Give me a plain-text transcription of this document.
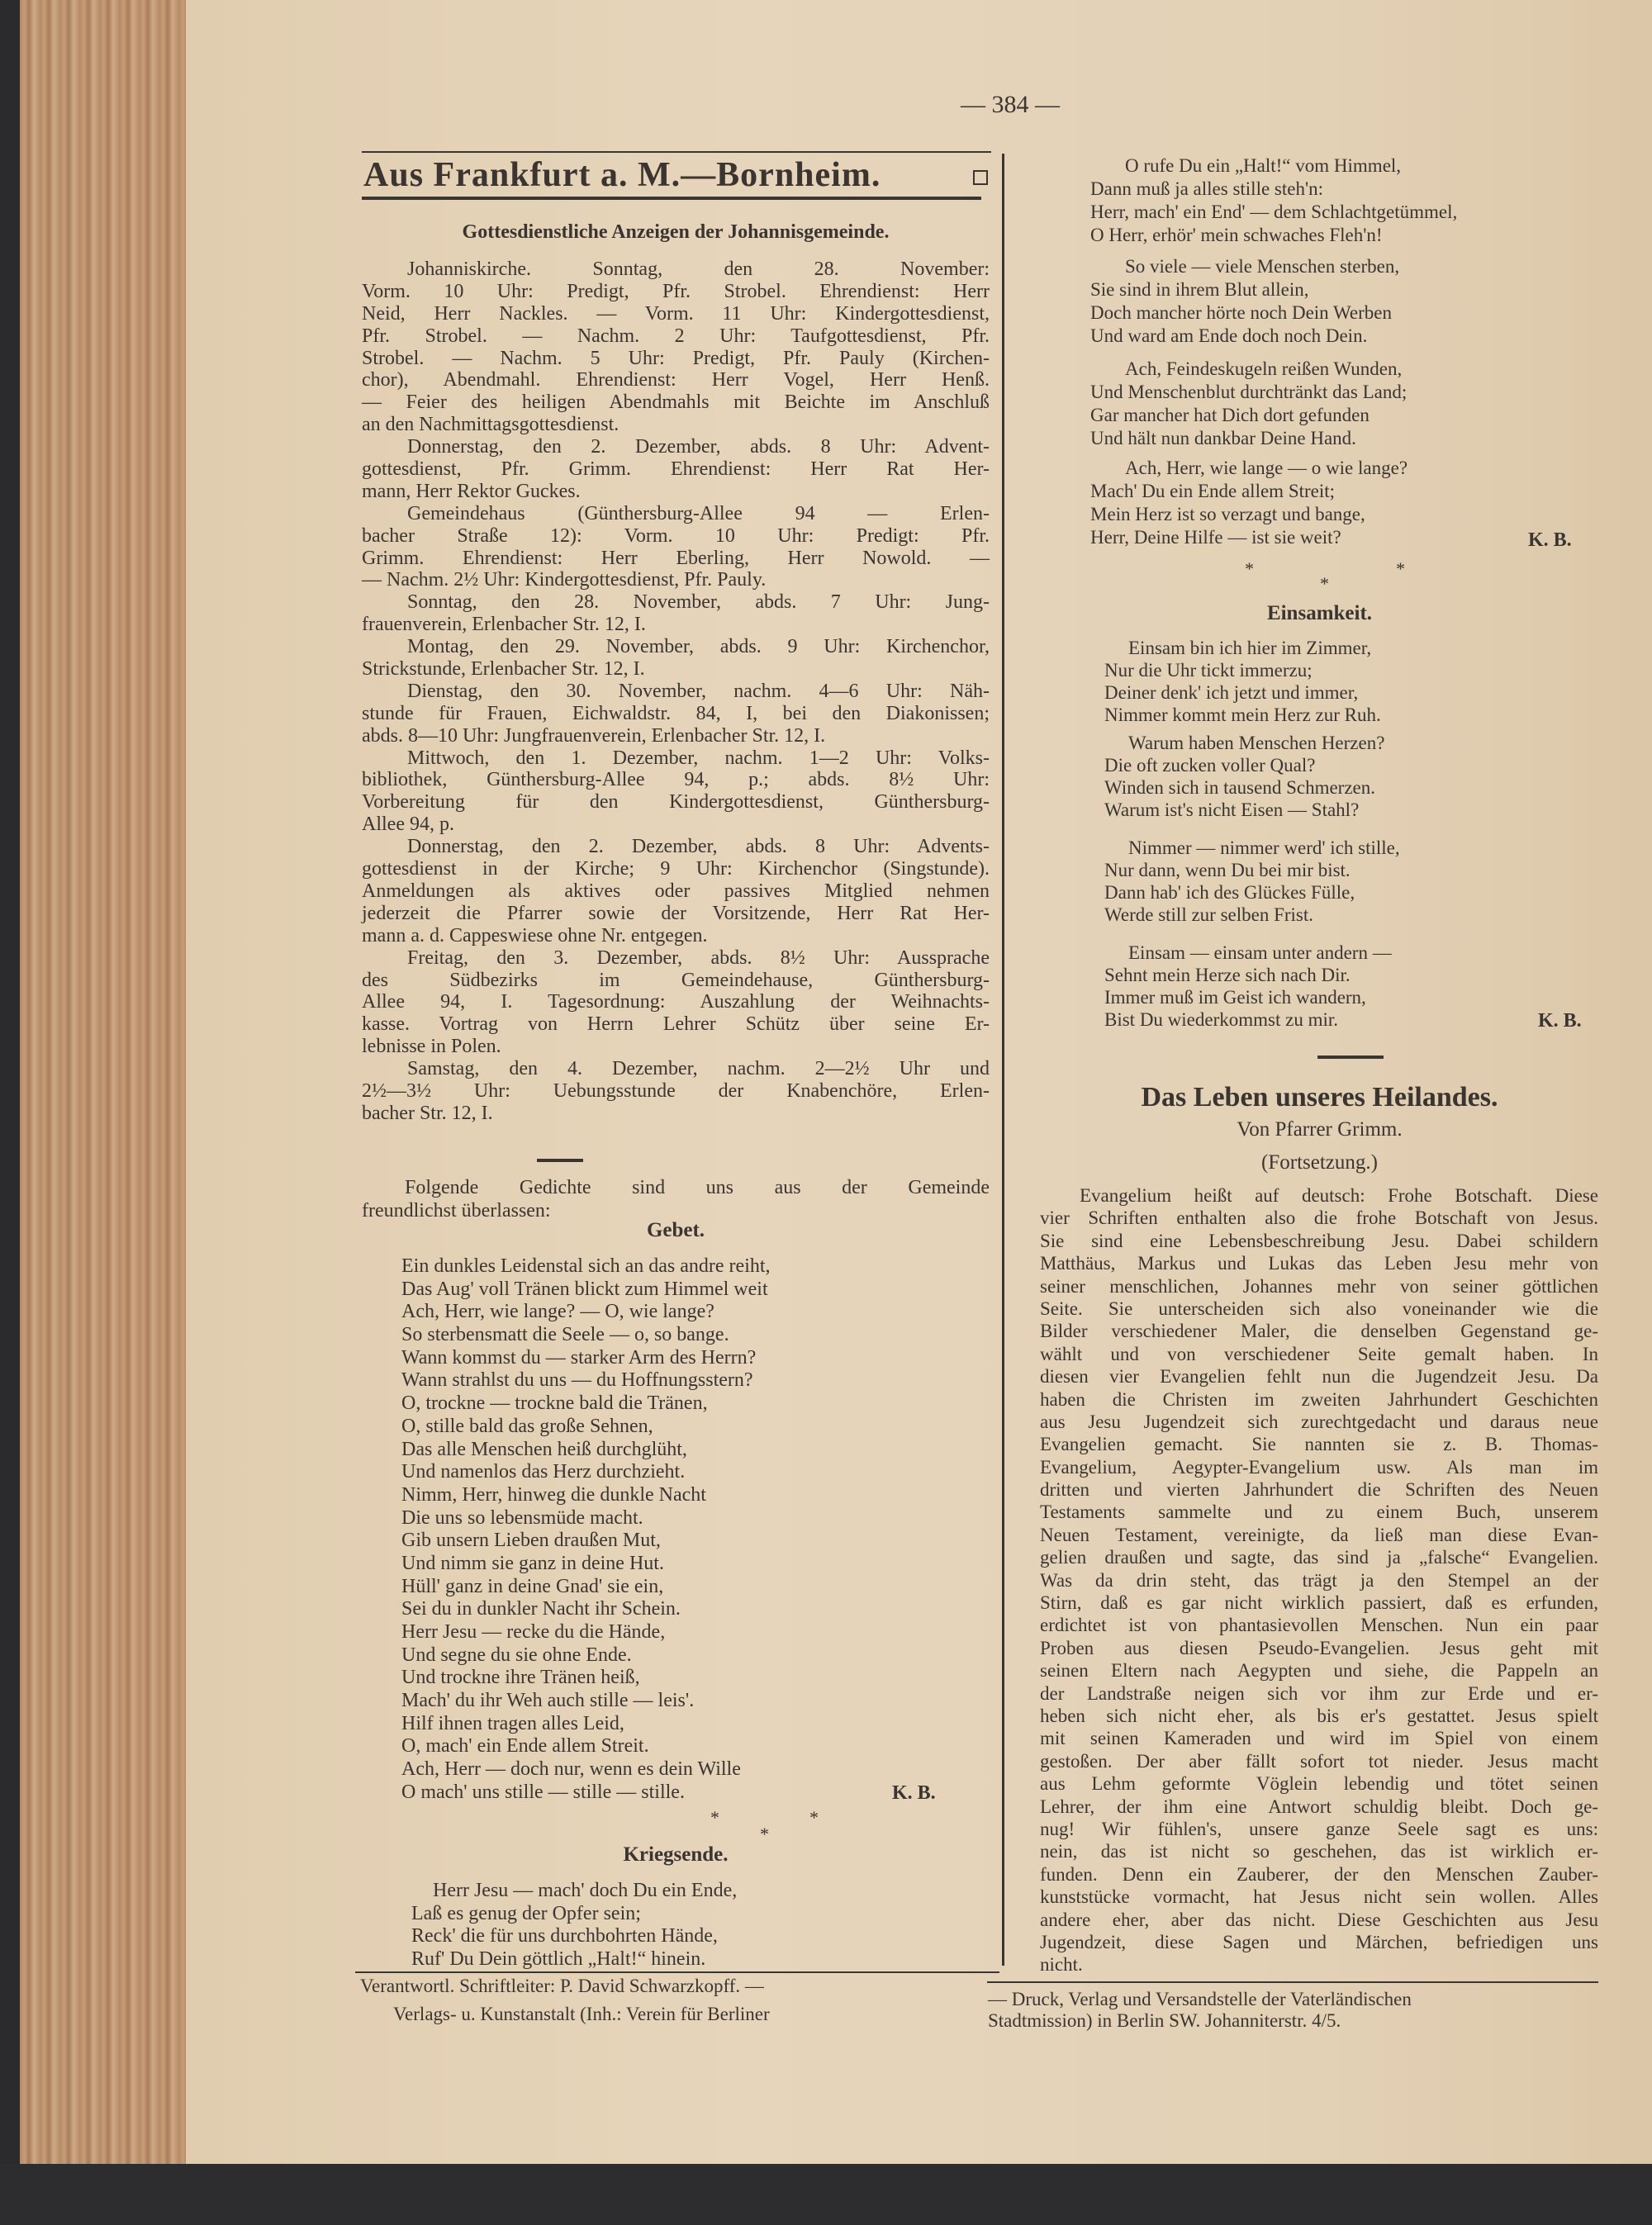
— 384 —
Aus Frankfurt a. M.—Bornheim.
Gottesdienstliche Anzeigen der Johannisgemeinde.
Johanniskirche. Sonntag, den 28. November:
Vorm. 10 Uhr: Predigt, Pfr. Strobel. Ehrendienst: Herr
Neid, Herr Nackles. — Vorm. 11 Uhr: Kindergottesdienst,
Pfr. Strobel. — Nachm. 2 Uhr: Taufgottesdienst, Pfr.
Strobel. — Nachm. 5 Uhr: Predigt, Pfr. Pauly (Kirchen-
chor), Abendmahl. Ehrendienst: Herr Vogel, Herr Henß.
— Feier des heiligen Abendmahls mit Beichte im Anschluß
an den Nachmittagsgottesdienst.
Donnerstag, den 2. Dezember, abds. 8 Uhr: Advent-
gottesdienst, Pfr. Grimm. Ehrendienst: Herr Rat Her-
mann, Herr Rektor Guckes.
Gemeindehaus (Günthersburg-Allee 94 — Erlen-
bacher Straße 12): Vorm. 10 Uhr: Predigt: Pfr.
Grimm. Ehrendienst: Herr Eberling, Herr Nowold. —
— Nachm. 2½ Uhr: Kindergottesdienst, Pfr. Pauly.
Sonntag, den 28. November, abds. 7 Uhr: Jung-
frauenverein, Erlenbacher Str. 12, I.
Montag, den 29. November, abds. 9 Uhr: Kirchenchor,
Strickstunde, Erlenbacher Str. 12, I.
Dienstag, den 30. November, nachm. 4—6 Uhr: Näh-
stunde für Frauen, Eichwaldstr. 84, I, bei den Diakonissen;
abds. 8—10 Uhr: Jungfrauenverein, Erlenbacher Str. 12, I.
Mittwoch, den 1. Dezember, nachm. 1—2 Uhr: Volks-
bibliothek, Günthersburg-Allee 94, p.; abds. 8½ Uhr:
Vorbereitung für den Kindergottesdienst, Günthersburg-
Allee 94, p.
Donnerstag, den 2. Dezember, abds. 8 Uhr: Advents-
gottesdienst in der Kirche; 9 Uhr: Kirchenchor (Singstunde).
Anmeldungen als aktives oder passives Mitglied nehmen
jederzeit die Pfarrer sowie der Vorsitzende, Herr Rat Her-
mann a. d. Cappeswiese ohne Nr. entgegen.
Freitag, den 3. Dezember, abds. 8½ Uhr: Aussprache
des Südbezirks im Gemeindehause, Günthersburg-
Allee 94, I. Tagesordnung: Auszahlung der Weihnachts-
kasse. Vortrag von Herrn Lehrer Schütz über seine Er-
lebnisse in Polen.
Samstag, den 4. Dezember, nachm. 2—2½ Uhr und
2½—3½ Uhr: Uebungsstunde der Knabenchöre, Erlen-
bacher Str. 12, I.
Folgende Gedichte sind uns aus der Gemeinde
freundlichst überlassen:
Gebet.
Ein dunkles Leidenstal sich an das andre reiht,
Das Aug' voll Tränen blickt zum Himmel weit
Ach, Herr, wie lange? — O, wie lange?
So sterbensmatt die Seele — o, so bange.
Wann kommst du — starker Arm des Herrn?
Wann strahlst du uns — du Hoffnungsstern?
O, trockne — trockne bald die Tränen,
O, stille bald das große Sehnen,
Das alle Menschen heiß durchglüht,
Und namenlos das Herz durchzieht.
Nimm, Herr, hinweg die dunkle Nacht
Die uns so lebensmüde macht.
Gib unsern Lieben draußen Mut,
Und nimm sie ganz in deine Hut.
Hüll' ganz in deine Gnad' sie ein,
Sei du in dunkler Nacht ihr Schein.
Herr Jesu — recke du die Hände,
Und segne du sie ohne Ende.
Und trockne ihre Tränen heiß,
Mach' du ihr Weh auch stille — leis'.
Hilf ihnen tragen alles Leid,
O, mach' ein Ende allem Streit.
Ach, Herr — doch nur, wenn es dein Wille
O mach' uns stille — stille — stille.	K. B.
*	*
*
Kriegsende.
Herr Jesu — mach' doch Du ein Ende,
Laß es genug der Opfer sein;
Reck' die für uns durchbohrten Hände,
Ruf' Du Dein göttlich „Halt!“ hinein.
Verantwortl. Schriftleiter: P. David Schwarzkopff. —
Verlags- u. Kunstanstalt (Inh.: Verein für Berliner
O rufe Du ein „Halt!“ vom Himmel,
Dann muß ja alles stille steh'n:
Herr, mach' ein End' — dem Schlachtgetümmel,
O Herr, erhör' mein schwaches Fleh'n!
So viele — viele Menschen sterben,
Sie sind in ihrem Blut allein,
Doch mancher hörte noch Dein Werben
Und ward am Ende doch noch Dein.
Ach, Feindeskugeln reißen Wunden,
Und Menschenblut durchtränkt das Land;
Gar mancher hat Dich dort gefunden
Und hält nun dankbar Deine Hand.
Ach, Herr, wie lange — o wie lange?
Mach' Du ein Ende allem Streit;
Mein Herz ist so verzagt und bange,
Herr, Deine Hilfe — ist sie weit?	K. B.
*	*
*
Einsamkeit.
Einsam bin ich hier im Zimmer,
Nur die Uhr tickt immerzu;
Deiner denk' ich jetzt und immer,
Nimmer kommt mein Herz zur Ruh.
Warum haben Menschen Herzen?
Die oft zucken voller Qual?
Winden sich in tausend Schmerzen.
Warum ist's nicht Eisen — Stahl?
Nimmer — nimmer werd' ich stille,
Nur dann, wenn Du bei mir bist.
Dann hab' ich des Glückes Fülle,
Werde still zur selben Frist.
Einsam — einsam unter andern —
Sehnt mein Herze sich nach Dir.
Immer muß im Geist ich wandern,
Bist Du wiederkommst zu mir.	K. B.
Das Leben unseres Heilandes.
Von Pfarrer Grimm.
(Fortsetzung.)
Evangelium heißt auf deutsch: Frohe Botschaft. Diese
vier Schriften enthalten also die frohe Botschaft von Jesus.
Sie sind eine Lebensbeschreibung Jesu. Dabei schildern
Matthäus, Markus und Lukas das Leben Jesu mehr von
seiner menschlichen, Johannes mehr von seiner göttlichen
Seite. Sie unterscheiden sich also voneinander wie die
Bilder verschiedener Maler, die denselben Gegenstand ge-
wählt und von verschiedener Seite gemalt haben. In
diesen vier Evangelien fehlt nun die Jugendzeit Jesu. Da
haben die Christen im zweiten Jahrhundert Geschichten
aus Jesu Jugendzeit sich zurechtgedacht und daraus neue
Evangelien gemacht. Sie nannten sie z. B. Thomas-
Evangelium, Aegypter-Evangelium usw. Als man im
dritten und vierten Jahrhundert die Schriften des Neuen
Testaments sammelte und zu einem Buch, unserem
Neuen Testament, vereinigte, da ließ man diese Evan-
gelien draußen und sagte, das sind ja „falsche“ Evangelien.
Was da drin steht, das trägt ja den Stempel an der
Stirn, daß es gar nicht wirklich passiert, daß es erfunden,
erdichtet ist von phantasievollen Menschen. Nun ein paar
Proben aus diesen Pseudo-Evangelien. Jesus geht mit
seinen Eltern nach Aegypten und siehe, die Pappeln an
der Landstraße neigen sich vor ihm zur Erde und er-
heben sich nicht eher, als bis er's gestattet. Jesus spielt
mit seinen Kameraden und wird im Spiel von einem
gestoßen. Der aber fällt sofort tot nieder. Jesus macht
aus Lehm geformte Vöglein lebendig und tötet seinen
Lehrer, der ihm eine Antwort schuldig bleibt. Doch ge-
nug! Wir fühlen's, unsere ganze Seele sagt es uns:
nein, das ist nicht so geschehen, das ist wirklich er-
funden. Denn ein Zauberer, der den Menschen Zauber-
kunststücke vormacht, hat Jesus nicht sein wollen. Alles
andere eher, aber das nicht. Diese Geschichten aus Jesu
Jugendzeit, diese Sagen und Märchen, befriedigen uns
nicht.
— Druck, Verlag und Versandstelle der Vaterländischen
Stadtmission) in Berlin SW. Johanniterstr. 4/5.
